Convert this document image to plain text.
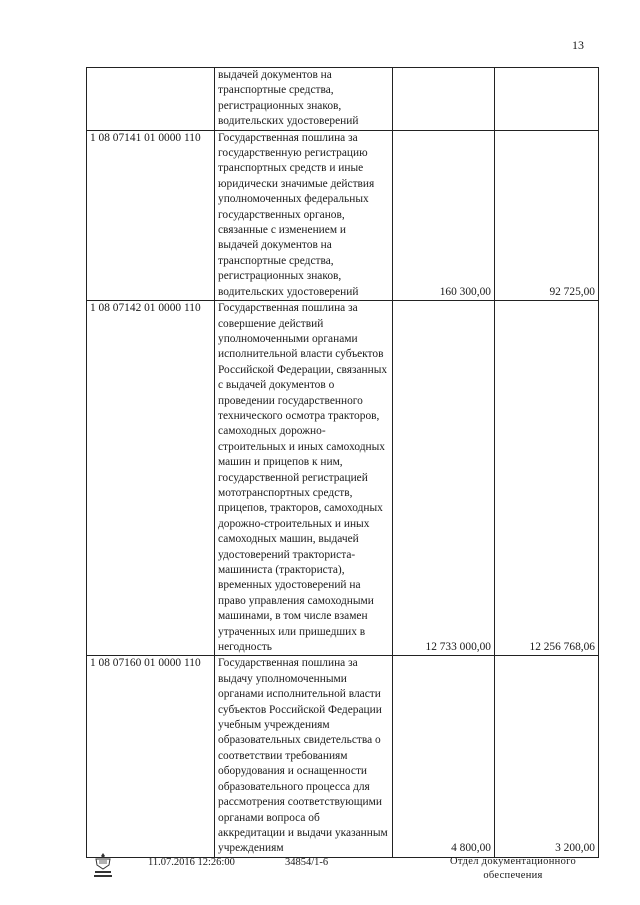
13
	выдачей документов на транспортные средства, регистрационных знаков, водительских удостоверений		
1 08 07141 01 0000 110	Государственная пошлина за государственную регистрацию транспортных средств и иные юридически значимые действия уполномоченных федеральных государственных органов, связанные с изменением и выдачей документов на транспортные средства, регистрационных знаков, водительских удостоверений	160 300,00	92 725,00
1 08 07142 01 0000 110	Государственная пошлина за совершение действий уполномоченными органами исполнительной власти субъектов Российской Федерации, связанных с выдачей документов о проведении государственного технического осмотра тракторов, самоходных дорожно-строительных и иных самоходных машин и прицепов к ним, государственной регистрацией мототранспортных средств, прицепов, тракторов, самоходных дорожно-строительных и иных самоходных машин, выдачей удостоверений тракториста-машиниста (тракториста), временных удостоверений на право управления самоходными машинами, в том числе взамен утраченных или пришедших в негодность	12 733 000,00	12 256 768,06
1 08 07160 01 0000 110	Государственная пошлина за выдачу уполномоченными органами исполнительной власти субъектов Российской Федерации учебным учреждениям образовательных свидетельства о соответствии требованиям оборудования и оснащенности образовательного процесса для рассмотрения соответствующими органами вопроса об аккредитации и выдачи указанным учреждениям	4 800,00	3 200,00
11.07.2016 12:26:00	34854/1-6	Отдел документационного обеспечения
